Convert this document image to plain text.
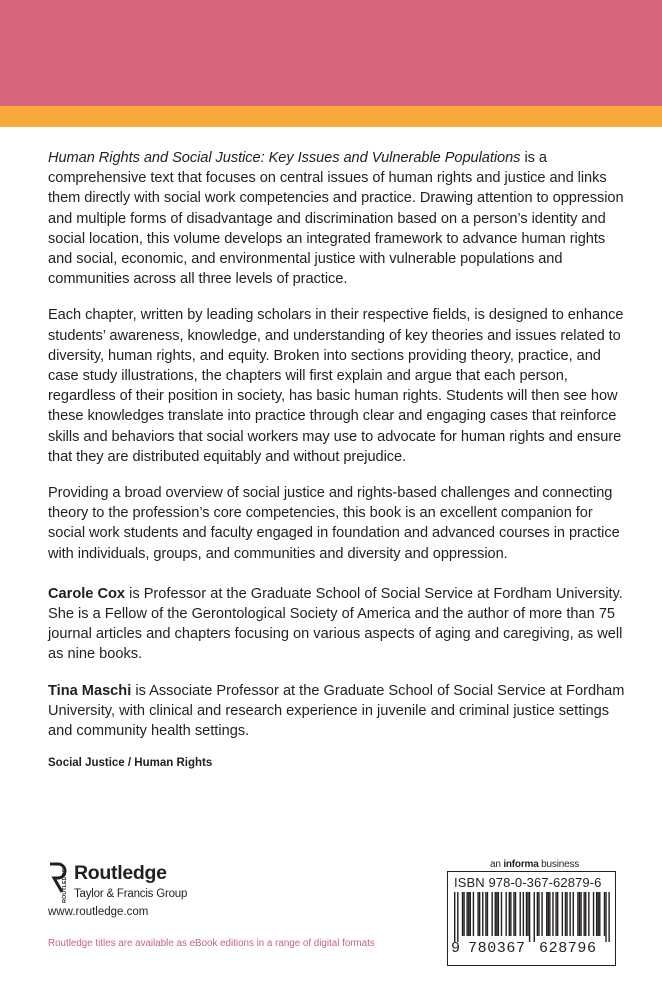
Human Rights and Social Justice: Key Issues and Vulnerable Populations is a comprehensive text that focuses on central issues of human rights and justice and links them directly with social work competencies and practice. Drawing attention to oppression and multiple forms of disadvantage and discrimination based on a person’s identity and social location, this volume develops an integrated framework to advance human rights and social, economic, and environmental justice with vulnerable populations and communities across all three levels of practice.

Each chapter, written by leading scholars in their respective fields, is designed to enhance students’ awareness, knowledge, and understanding of key theories and issues related to diversity, human rights, and equity. Broken into sections providing theory, practice, and case study illustrations, the chapters will first explain and argue that each person, regardless of their position in society, has basic human rights. Students will then see how these knowledges translate into practice through clear and engaging cases that reinforce skills and behaviors that social workers may use to advocate for human rights and ensure that they are distributed equitably and without prejudice.

Providing a broad overview of social justice and rights-based challenges and connecting theory to the profession’s core competencies, this book is an excellent companion for social work students and faculty engaged in foundation and advanced courses in practice with individuals, groups, and communities and diversity and oppression.

Carole Cox is Professor at the Graduate School of Social Service at Fordham University. She is a Fellow of the Gerontological Society of America and the author of more than 75 journal articles and chapters focusing on various aspects of aging and caregiving, as well as nine books.

Tina Maschi is Associate Professor at the Graduate School of Social Service at Fordham University, with clinical and research experience in juvenile and criminal justice settings and community health settings.

Social Justice / Human Rights

ROUTLEDGE Routledge
Taylor & Francis Group
www.routledge.com
Routledge titles are available as eBook editions in a range of digital formats
an informa business
ISBN 978-0-367-62879-6
9 780367 628796
